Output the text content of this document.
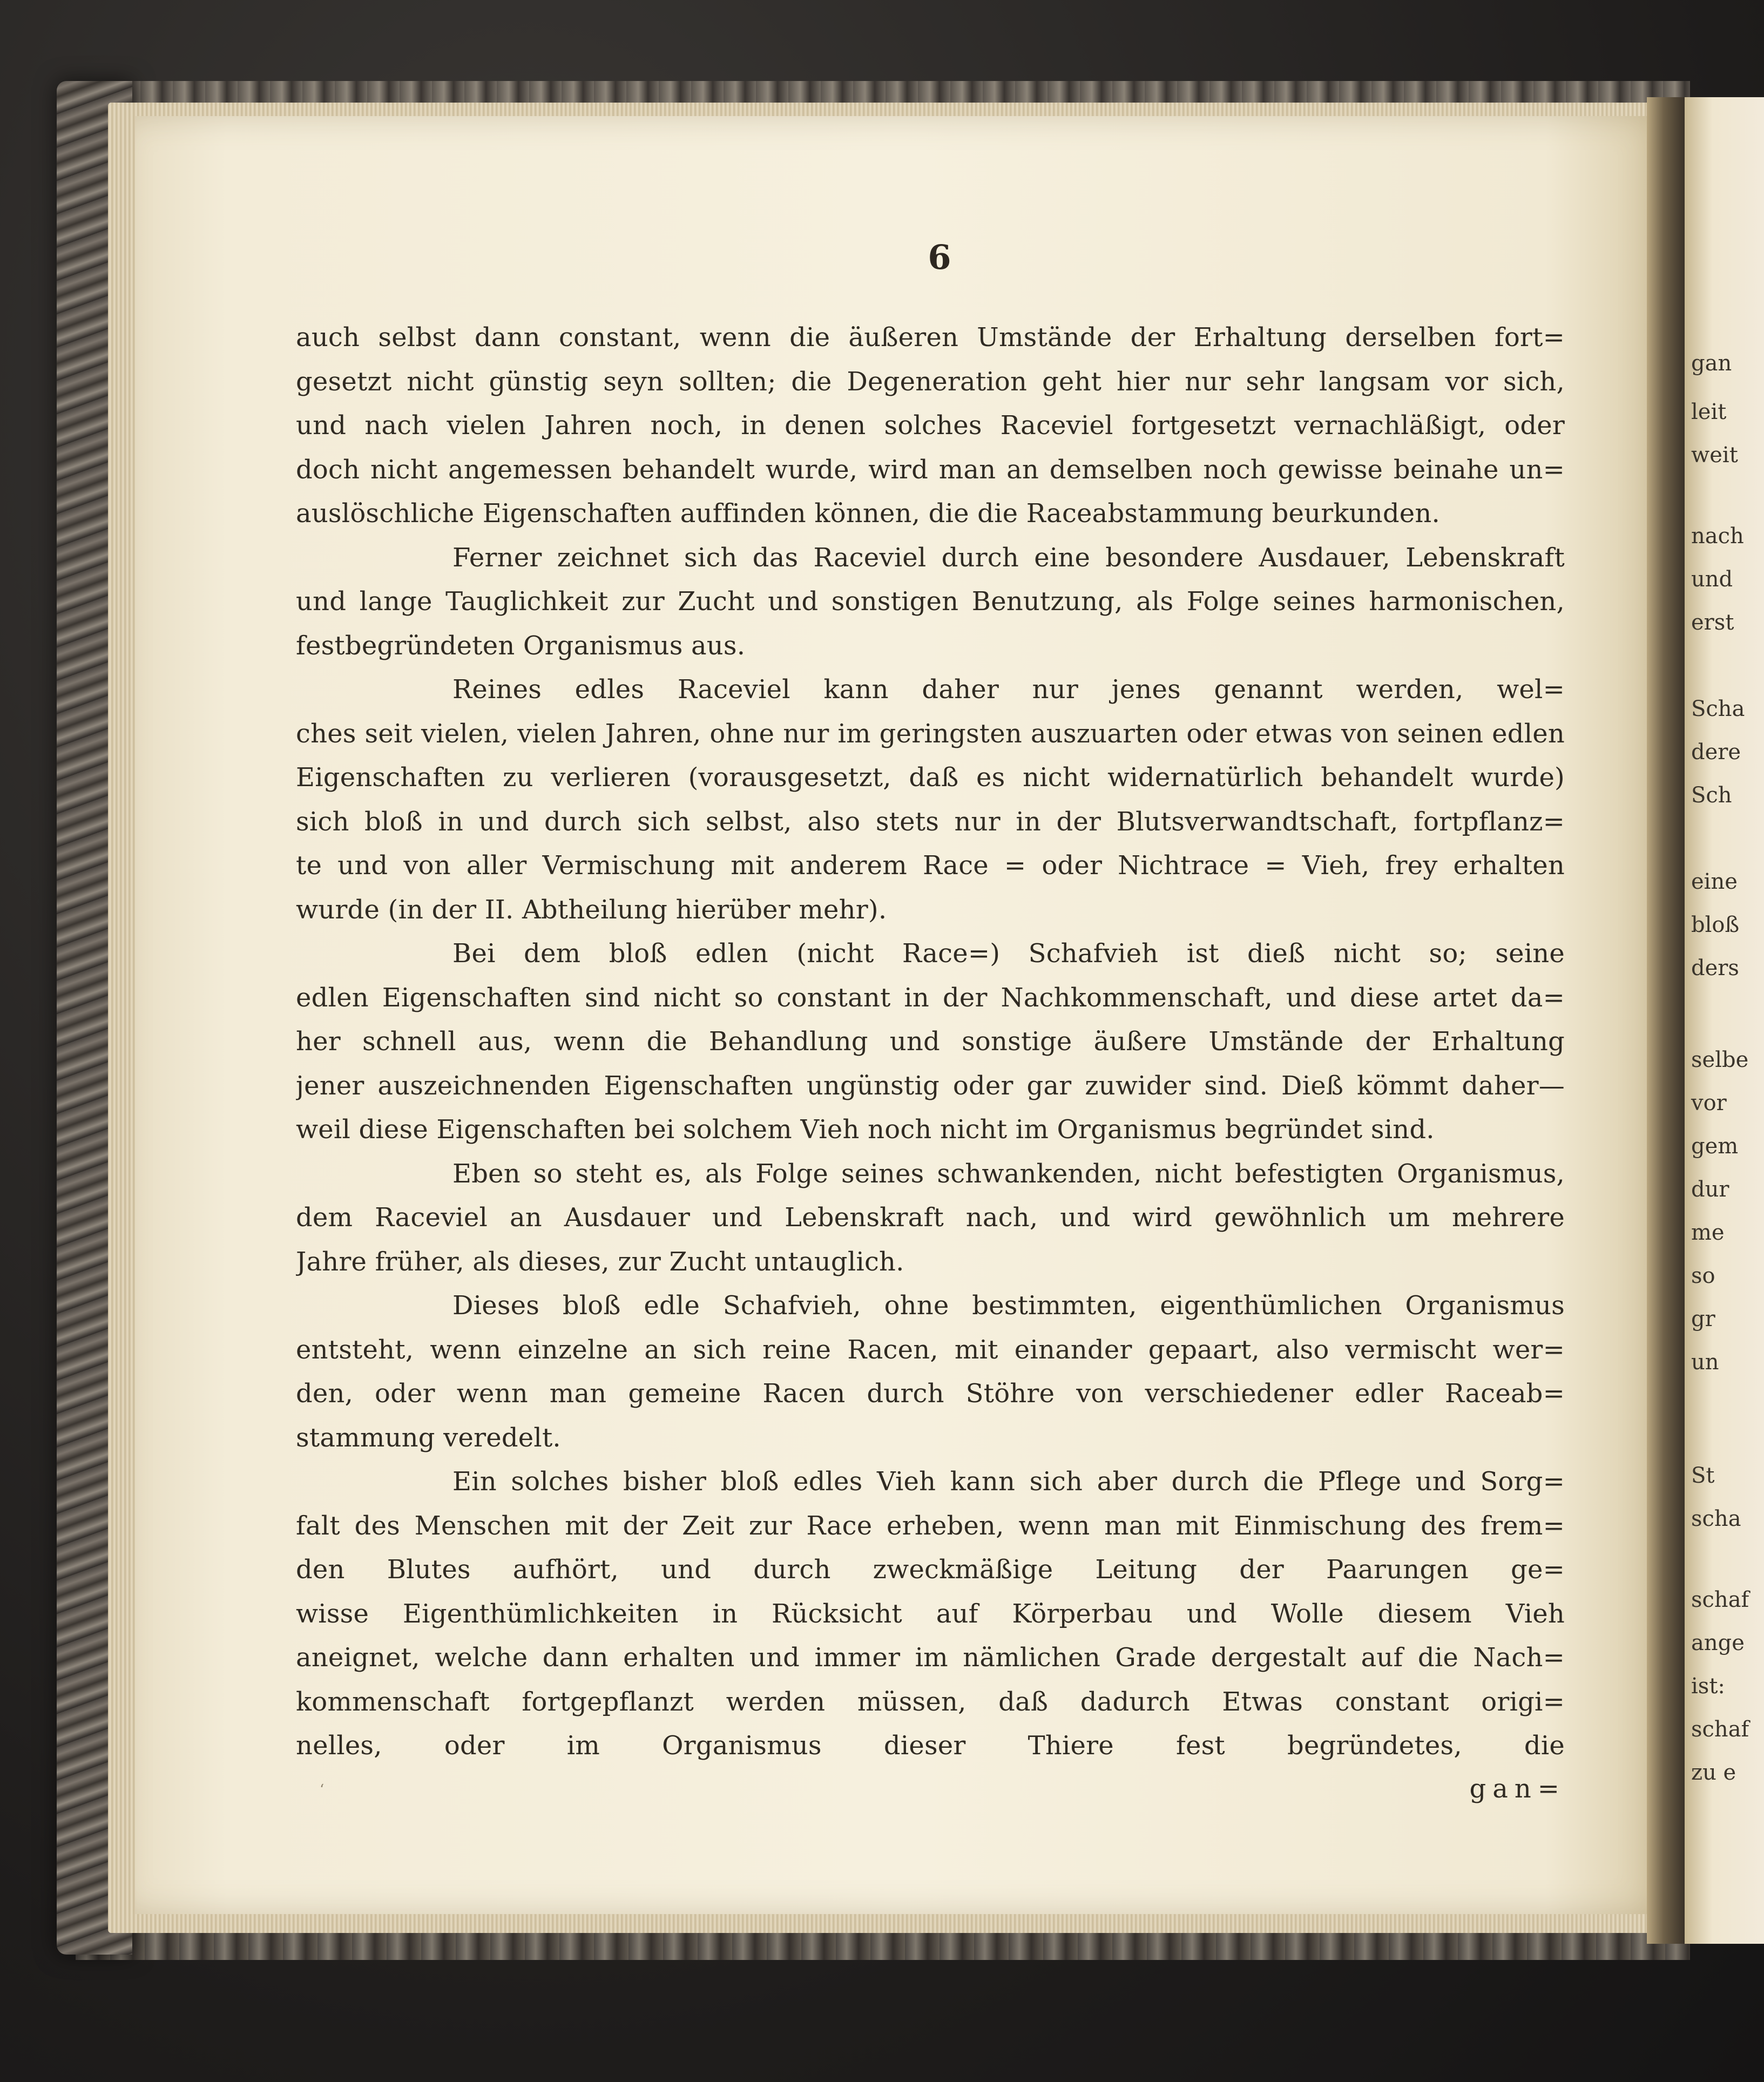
gan
leit
weit
nach
und
erst
Scha
dere
Sch
eine
bloß
ders
selbe
vor
gem
dur
me
so
gr
un
St
scha
schaf
ange
ist:
schaf
zu e
6
auch selbst dann constant, wenn die äußeren Umstände der Erhaltung derselben fort=
gesetzt nicht günstig seyn sollten; die Degeneration geht hier nur sehr langsam vor sich,
und nach vielen Jahren noch, in denen solches Raceviel fortgesetzt vernachläßigt, oder
doch nicht angemessen behandelt wurde, wird man an demselben noch gewisse beinahe un=
auslöschliche Eigenschaften auffinden können, die die Raceabstammung beurkunden.
Ferner zeichnet sich das Raceviel durch eine besondere Ausdauer, Lebenskraft
und lange Tauglichkeit zur Zucht und sonstigen Benutzung, als Folge seines harmonischen,
festbegründeten Organismus aus.
Reines edles Raceviel kann daher nur jenes genannt werden, wel=
ches seit vielen, vielen Jahren, ohne nur im geringsten auszuarten oder etwas von seinen edlen
Eigenschaften zu verlieren (vorausgesetzt, daß es nicht widernatürlich behandelt wurde)
sich bloß in und durch sich selbst, also stets nur in der Blutsverwandtschaft, fortpflanz=
te und von aller Vermischung mit anderem Race = oder Nichtrace = Vieh, frey erhalten
wurde (in der II. Abtheilung hierüber mehr).
Bei dem bloß edlen (nicht Race=) Schafvieh ist dieß nicht so; seine
edlen Eigenschaften sind nicht so constant in der Nachkommenschaft, und diese artet da=
her schnell aus, wenn die Behandlung und sonstige äußere Umstände der Erhaltung
jener auszeichnenden Eigenschaften ungünstig oder gar zuwider sind. Dieß kömmt daher—
weil diese Eigenschaften bei solchem Vieh noch nicht im Organismus begründet sind.
Eben so steht es, als Folge seines schwankenden, nicht befestigten Organismus,
dem Raceviel an Ausdauer und Lebenskraft nach, und wird gewöhnlich um mehrere
Jahre früher, als dieses, zur Zucht untauglich.
Dieses bloß edle Schafvieh, ohne bestimmten, eigenthümlichen Organismus
entsteht, wenn einzelne an sich reine Racen, mit einander gepaart, also vermischt wer=
den, oder wenn man gemeine Racen durch Stöhre von verschiedener edler Raceab=
stammung veredelt.
Ein solches bisher bloß edles Vieh kann sich aber durch die Pflege und Sorg=
falt des Menschen mit der Zeit zur Race erheben, wenn man mit Einmischung des frem=
den Blutes aufhört, und durch zweckmäßige Leitung der Paarungen ge=
wisse Eigenthümlichkeiten in Rücksicht auf Körperbau und Wolle diesem Vieh
aneignet, welche dann erhalten und immer im nämlichen Grade dergestalt auf die Nach=
kommenschaft fortgepflanzt werden müssen, daß dadurch Etwas constant origi=
nelles, oder im Organismus dieser Thiere fest begründetes, die
gan=
‘
